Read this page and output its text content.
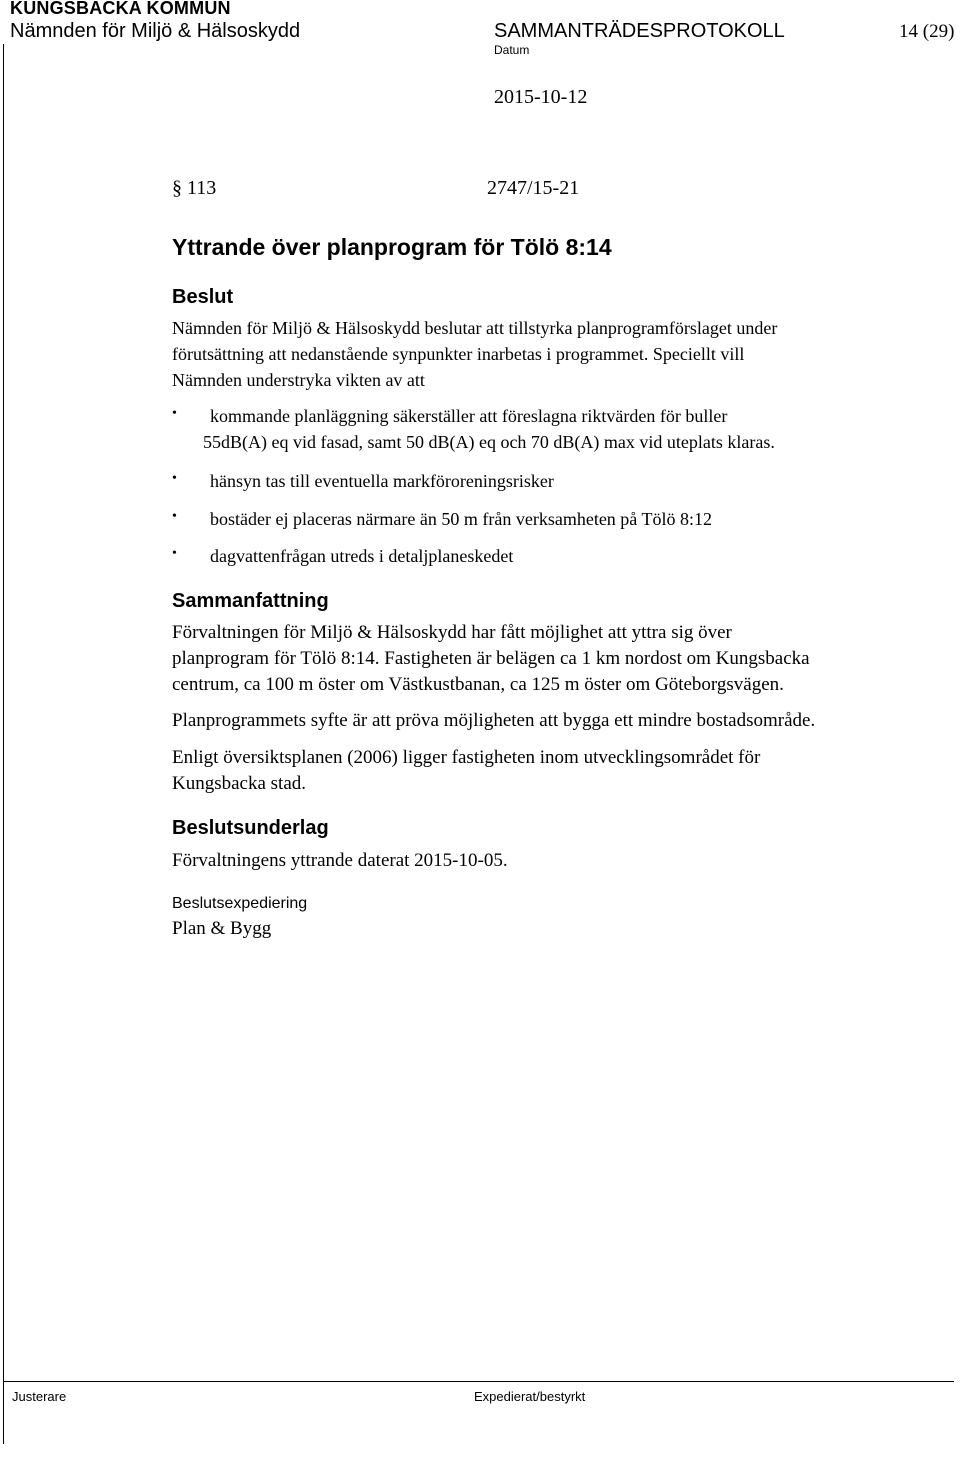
KUNGSBACKA KOMMUN
Nämnden för Miljö & Hälsoskydd	SAMMANTRÄDESPROTOKOLL	14 (29)
Datum
2015-10-12
§ 113	2747/15-21
Yttrande över planprogram för Tölö 8:14
Beslut
Nämnden för Miljö & Hälsoskydd beslutar att tillstyrka planprogramförslaget under
förutsättning att nedanstående synpunkter inarbetas i programmet. Speciellt vill
Nämnden understryka vikten av att
• kommande planläggning säkerställer att föreslagna riktvärden för buller
55dB(A) eq vid fasad, samt 50 dB(A) eq och 70 dB(A) max vid uteplats klaras.
• hänsyn tas till eventuella markföroreningsrisker
• bostäder ej placeras närmare än 50 m från verksamheten på Tölö 8:12
• dagvattenfrågan utreds i detaljplaneskedet
Sammanfattning
Förvaltningen för Miljö & Hälsoskydd har fått möjlighet att yttra sig över
planprogram för Tölö 8:14. Fastigheten är belägen ca 1 km nordost om Kungsbacka
centrum, ca 100 m öster om Västkustbanan, ca 125 m öster om Göteborgsvägen.
Planprogrammets syfte är att pröva möjligheten att bygga ett mindre bostadsområde.
Enligt översiktsplanen (2006) ligger fastigheten inom utvecklingsområdet för
Kungsbacka stad.
Beslutsunderlag
Förvaltningens yttrande daterat 2015-10-05.
Beslutsexpediering
Plan & Bygg
Justerare	Expedierat/bestyrkt
